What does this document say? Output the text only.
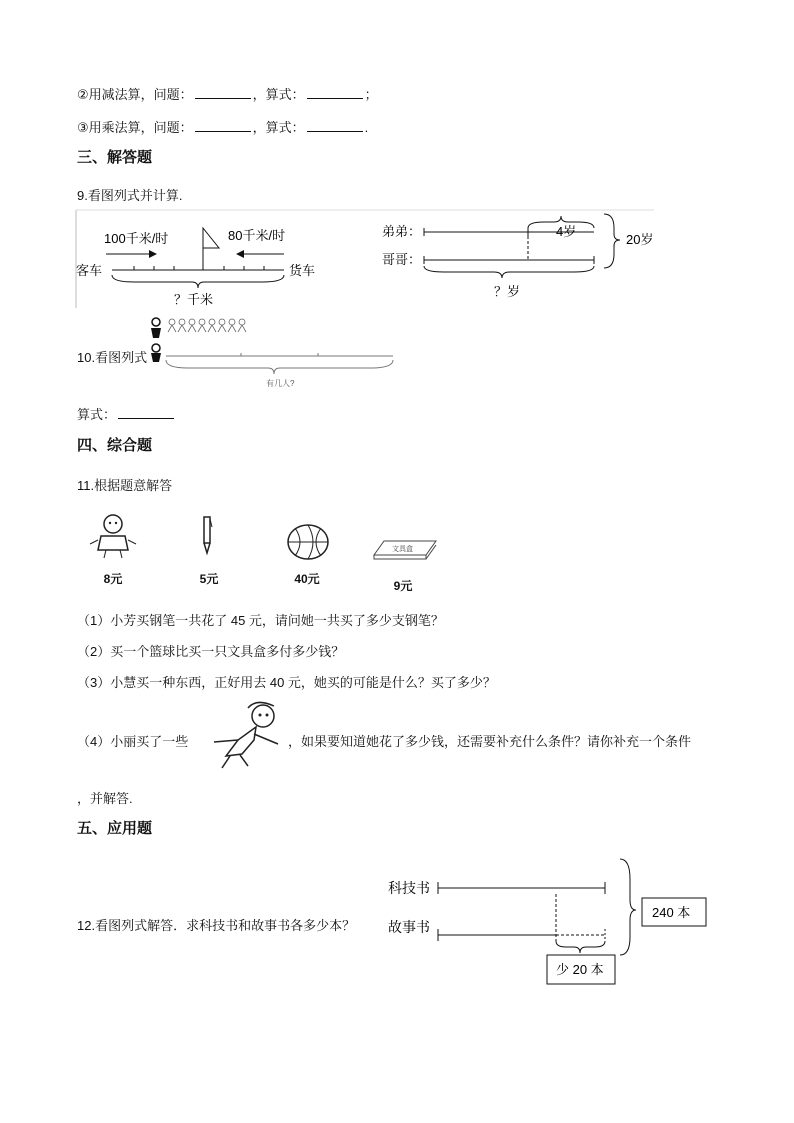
②用减法算，问题：	，算式：	；
③用乘法算，问题：	，算式：	.
三、解答题
9.看图列式并计算.
100千米/时	80千米/时
客车	货车
？千米
弟弟：	4岁
哥哥：
？岁
20岁
10.看图列式
有几人?
算式：
四、综合题
11.根据题意解答
8元	5元	40元
文具盒
9元
（1）小芳买钢笔一共花了 45 元，请问她一共买了多少支钢笔？
（2）买一个篮球比买一只文具盒多付多少钱？
（3）小慧买一种东西，正好用去 40 元，她买的可能是什么？买了多少？
（4）小丽买了一些	，如果要知道她花了多少钱，还需要补充什么条件？请你补充一个条件
，并解答.
五、应用题
12.看图列式解答．求科技书和故事书各多少本？
科技书
故事书
240 本
少 20 本
